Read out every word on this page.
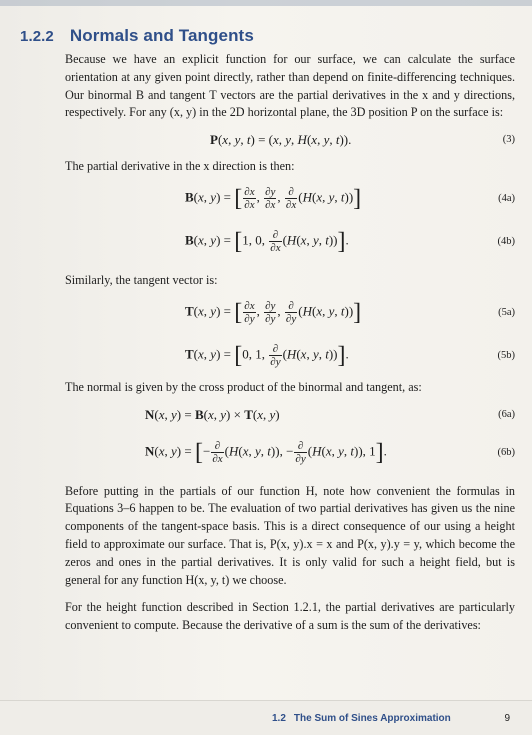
1.2.2 Normals and Tangents

Because we have an explicit function for our surface, we can calculate the surface orientation at any given point directly, rather than depend on finite-differencing techniques. Our binormal B and tangent T vectors are the partial derivatives in the x and y directions, respectively. For any (x, y) in the 2D horizontal plane, the 3D position P on the surface is:

P(x, y, t) = (x, y, H(x, y, t)).	(3)

The partial derivative in the x direction is then:

B(x, y) = [ $\frac{\partial x}{\partial x}$ , $\frac{\partial y}{\partial x}$ , $\frac{\partial}{\partial x} (H(x$, y, t))]	(4a)
B(x, y) = [1, 0, $\frac{\partial}{\partial x} (H(x$, y, t))].	(4b)

Similarly, the tangent vector is:

T(x, y) = [ $\frac{\partial x}{\partial y}$ , $\frac{\partial y}{\partial y}$ , $\frac{\partial}{\partial y} (H(x$, y, t))]	(5a)
T(x, y) = [0, 1, $\frac{\partial}{\partial y} (H(x$, y, t))].	(5b)

The normal is given by the cross product of the binormal and tangent, as:

N(x, y) = B(x, y) × T(x, y)	(6a)
N(x, y) = [− $\frac{\partial}{\partial x} (H(x$, y, t)), − $\frac{\partial}{\partial y} (H(x$, y, t)), 1].	(6b)

Before putting in the partials of our function H, note how convenient the formulas in Equations 3–6 happen to be. The evaluation of two partial derivatives has given us the nine components of the tangent-space basis. This is a direct consequence of our using a height field to approximate our surface. That is, P(x, y).x = x and P(x, y).y = y, which become the zeros and ones in the partial derivatives. It is only valid for such a height field, but is general for any function H(x, y, t) we choose.

For the height function described in Section 1.2.1, the partial derivatives are particularly convenient to compute. Because the derivative of a sum is the sum of the derivatives:

1.2 The Sum of Sines Approximation	9
